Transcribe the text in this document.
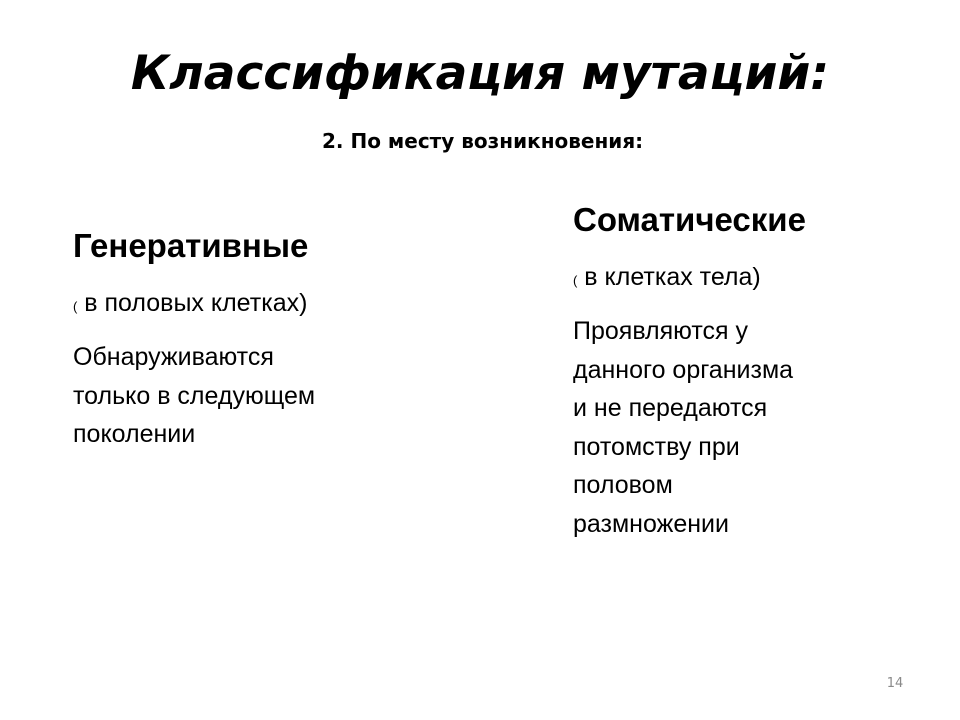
Классификация мутаций:

2. По месту возникновения:

Генеративные

( в половых клетках)

Обнаруживаются
только в следующем
поколении

Соматические

( в клетках тела)

Проявляются у
данного организма
и не передаются
потомству при
половом
размножении

14
